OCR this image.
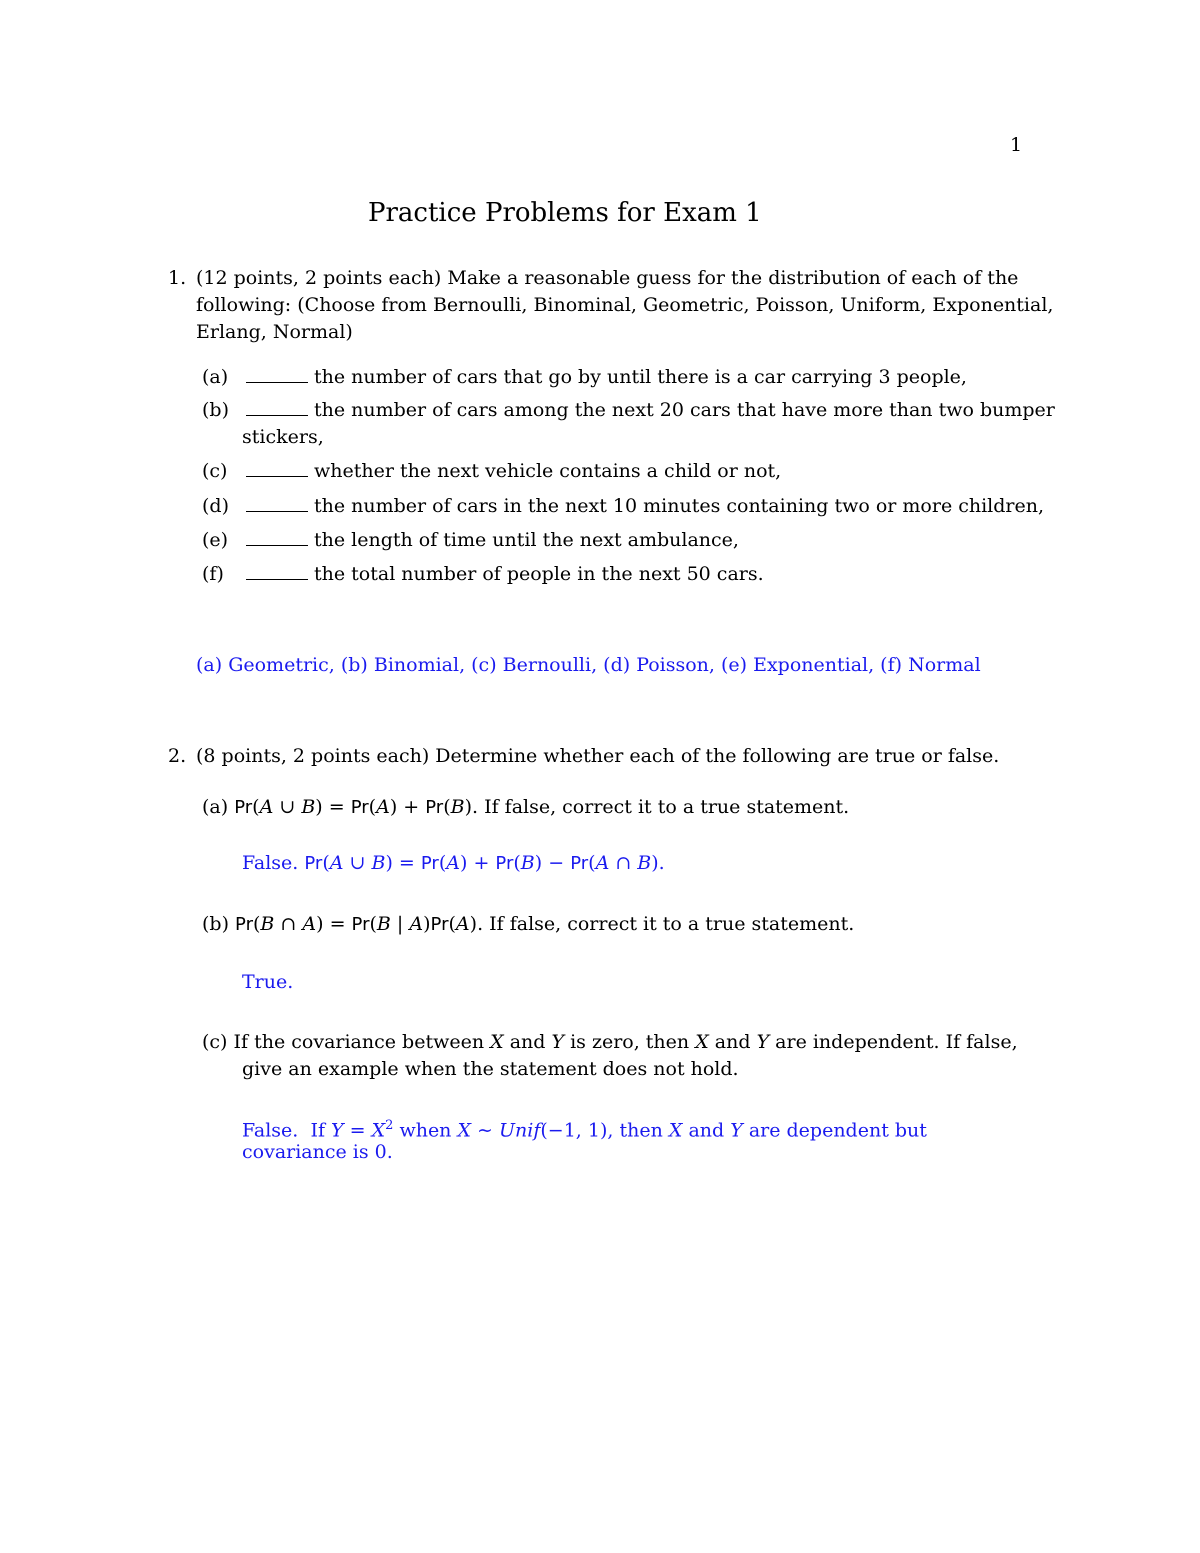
1
Practice Problems for Exam 1
1. (12 points, 2 points each) Make a reasonable guess for the distribution of each of the
following: (Choose from Bernoulli, Binominal, Geometric, Poisson, Uniform, Exponential,
Erlang, Normal)
(a)	the number of cars that go by until there is a car carrying 3 people,
(b)	the number of cars among the next 20 cars that have more than two bumper
stickers,
(c)	whether the next vehicle contains a child or not,
(d)	the number of cars in the next 10 minutes containing two or more children,
(e)	the length of time until the next ambulance,
(f)	the total number of people in the next 50 cars.
(a) Geometric, (b) Binomial, (c) Bernoulli, (d) Poisson, (e) Exponential, (f) Normal
2. (8 points, 2 points each) Determine whether each of the following are true or false.
(a) Pr(A ∪ B) = Pr(A) + Pr(B). If false, correct it to a true statement.
False. Pr(A ∪ B) = Pr(A) + Pr(B) − Pr(A ∩ B).
(b) Pr(B ∩ A) = Pr(B | A)Pr(A). If false, correct it to a true statement.
True.
(c) If the covariance between X and Y is zero, then X and Y are independent. If false,
give an example when the statement does not hold.
False. If $Y = X^2$ when X ∼ Unif(−1, 1), then X and Y are dependent but
covariance is 0.
